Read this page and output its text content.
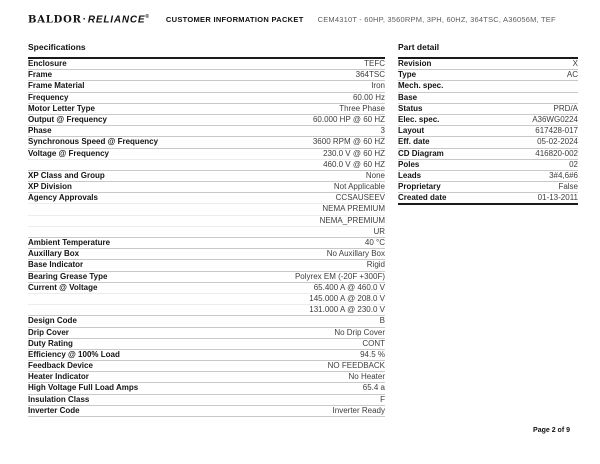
BALDOR·RELIANCE® CUSTOMER INFORMATION PACKET CEM4310T - 60HP, 3560RPM, 3PH, 60HZ, 364TSC, A36056M, TEF
Specifications
Enclosure	TEFC
Frame	364TSC
Frame Material	Iron
Frequency	60.00 Hz
Motor Letter Type	Three Phase
Output @ Frequency	60.000 HP @ 60 HZ
Phase	3
Synchronous Speed @ Frequency	3600 RPM @ 60 HZ
Voltage @ Frequency	230.0 V @ 60 HZ
460.0 V @ 60 HZ
XP Class and Group	None
XP Division	Not Applicable
Agency Approvals	CCSAUSEEV
NEMA PREMIUM
NEMA_PREMIUM
UR
Ambient Temperature	40 °C
Auxillary Box	No Auxillary Box
Base Indicator	Rigid
Bearing Grease Type	Polyrex EM (-20F +300F)
Current @ Voltage	65.400 A @ 460.0 V
145.000 A @ 208.0 V
131.000 A @ 230.0 V
Design Code	B
Drip Cover	No Drip Cover
Duty Rating	CONT
Efficiency @ 100% Load	94.5 %
Feedback Device	NO FEEDBACK
Heater Indicator	No Heater
High Voltage Full Load Amps	65.4 a
Insulation Class	F
Inverter Code	Inverter Ready
Part detail
Revision	X
Type	AC
Mech. spec.
Base
Status	PRD/A
Elec. spec.	A36WG0224
Layout	617428-017
Eff. date	05-02-2024
CD Diagram	416820-002
Poles	02
Leads	3#4,6#6
Proprietary	False
Created date	01-13-2011
Page 2 of 9
